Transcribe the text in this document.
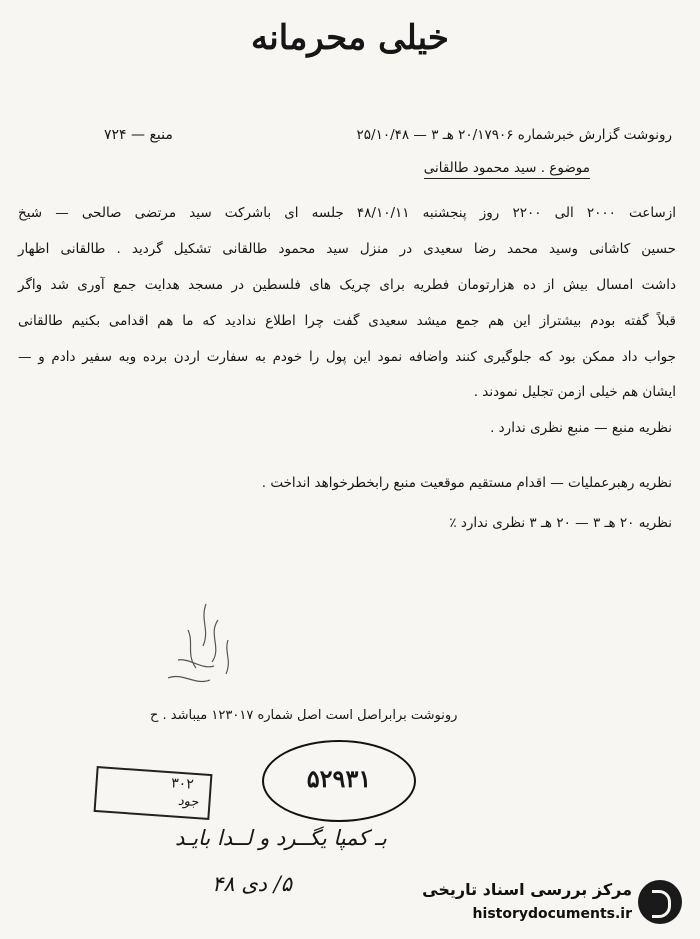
خیلی محرمانه
رونوشت گزارش خبرشماره ۲۰/۱۷۹۰۶ هـ ۳ — ۲۵/۱۰/۴۸
منبع — ۷۲۴
موضوع . سید محمود طالقانی
ازساعت ۲۰۰۰ الی ۲۲۰۰ روز پنجشنبه ۴۸/۱۰/۱۱ جلسه ای باشرکت سید مرتضی صالحی — شیخ
حسین کاشانی وسید محمد رضا سعیدی در منزل سید محمود طالقانی تشکیل گردید . طالقانی اظهار
داشت امسال بیش از ده هزارتومان فطریه برای چریک های فلسطین در مسجد هدایت جمع آوری شد واگر
قبلاً گفته بودم بیشتراز این هم جمع میشد سعیدی گفت چرا اطلاع ندادید که ما هم اقدامی بکنیم طالقانی
جواب داد ممکن بود که جلوگیری کنند واضافه نمود این پول را خودم به سفارت اردن برده وبه سفیر دادم و —
ایشان هم خیلی ازمن تجلیل نمودند .
نظریه منبع — منبع نظری ندارد .
نظریه رهبرعملیات — اقدام مستقیم موقعیت منبع رابخطرخواهد انداخت .
نظریه ۲۰ هـ ۳ — ۲۰ هـ ۳ نظری ندارد ٪
رونوشت برابراصل است اصل شماره ۱۲۳۰۱۷ میباشد . ح
۵۲۹۳۱
۳۰۲
جود
بـ کمپا یگــرد و لــدا بایـد
۵/ دی ۴۸	مرکز بررسی اسناد تاریخی
historydocuments.ir
